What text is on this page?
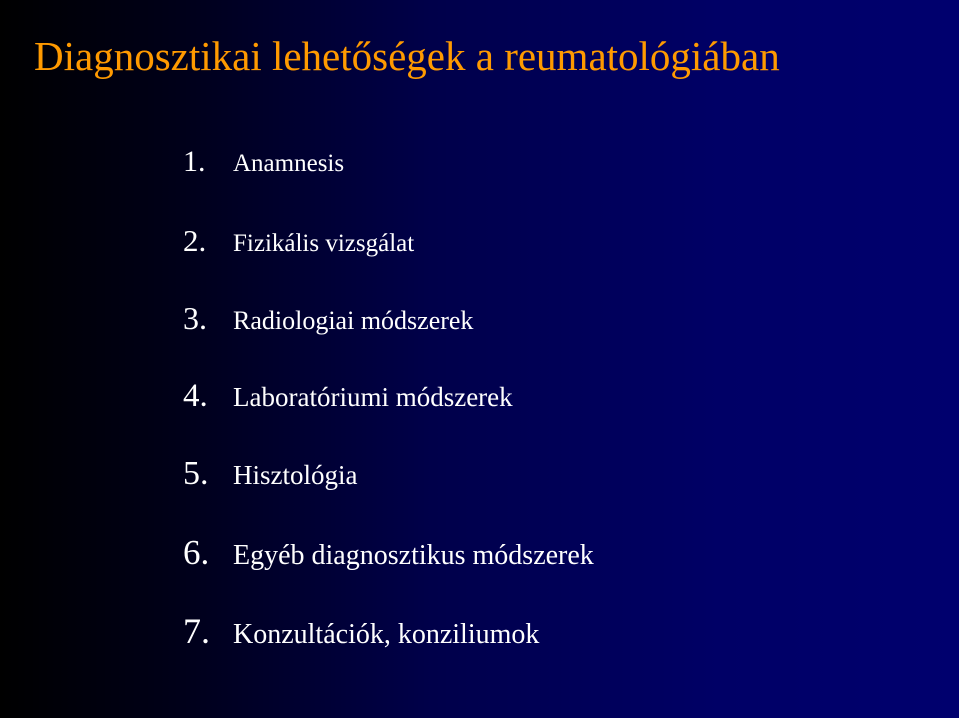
Diagnosztikai lehetőségek a reumatológiában
1.	Anamnesis
2.	Fizikális vizsgálat
3.	Radiologiai módszerek
4. Laboratóriumi módszerek
5. Hisztológia
6. Egyéb diagnosztikus módszerek
7. Konzultációk, konziliumok
